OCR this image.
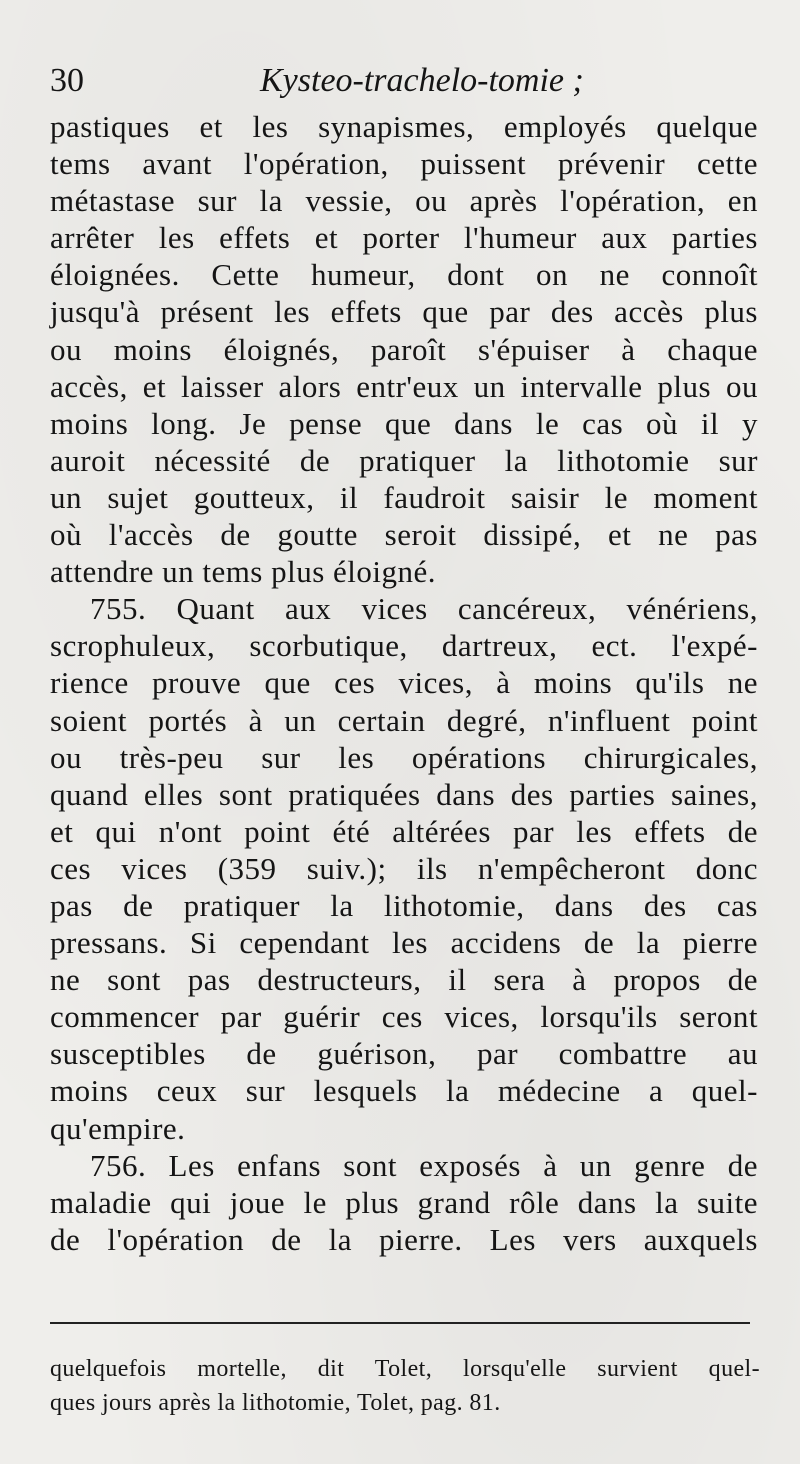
30	Kysteo-trachelo-tomie ;
pastiques et les synapismes, employés quelque
tems avant l'opération, puissent prévenir cette
métastase sur la vessie, ou après l'opération, en
arrêter les effets et porter l'humeur aux parties
éloignées. Cette humeur, dont on ne connoît
jusqu'à présent les effets que par des accès plus
ou moins éloignés, paroît s'épuiser à chaque
accès, et laisser alors entr'eux un intervalle plus ou
moins long. Je pense que dans le cas où il y
auroit nécessité de pratiquer la lithotomie sur
un sujet goutteux, il faudroit saisir le moment
où l'accès de goutte seroit dissipé, et ne pas
attendre un tems plus éloigné.
755. Quant aux vices cancéreux, vénériens,
scrophuleux, scorbutique, dartreux, ect. l'expé-
rience prouve que ces vices, à moins qu'ils ne
soient portés à un certain degré, n'influent point
ou très-peu sur les opérations chirurgicales,
quand elles sont pratiquées dans des parties saines,
et qui n'ont point été altérées par les effets de
ces vices (359 suiv.); ils n'empêcheront donc
pas de pratiquer la lithotomie, dans des cas
pressans. Si cependant les accidens de la pierre
ne sont pas destructeurs, il sera à propos de
commencer par guérir ces vices, lorsqu'ils seront
susceptibles de guérison, par combattre au
moins ceux sur lesquels la médecine a quel-
qu'empire.
756. Les enfans sont exposés à un genre de
maladie qui joue le plus grand rôle dans la suite
de l'opération de la pierre. Les vers auxquels
quelquefois mortelle, dit Tolet, lorsqu'elle survient quel-
ques jours après la lithotomie, Tolet, pag. 81.
